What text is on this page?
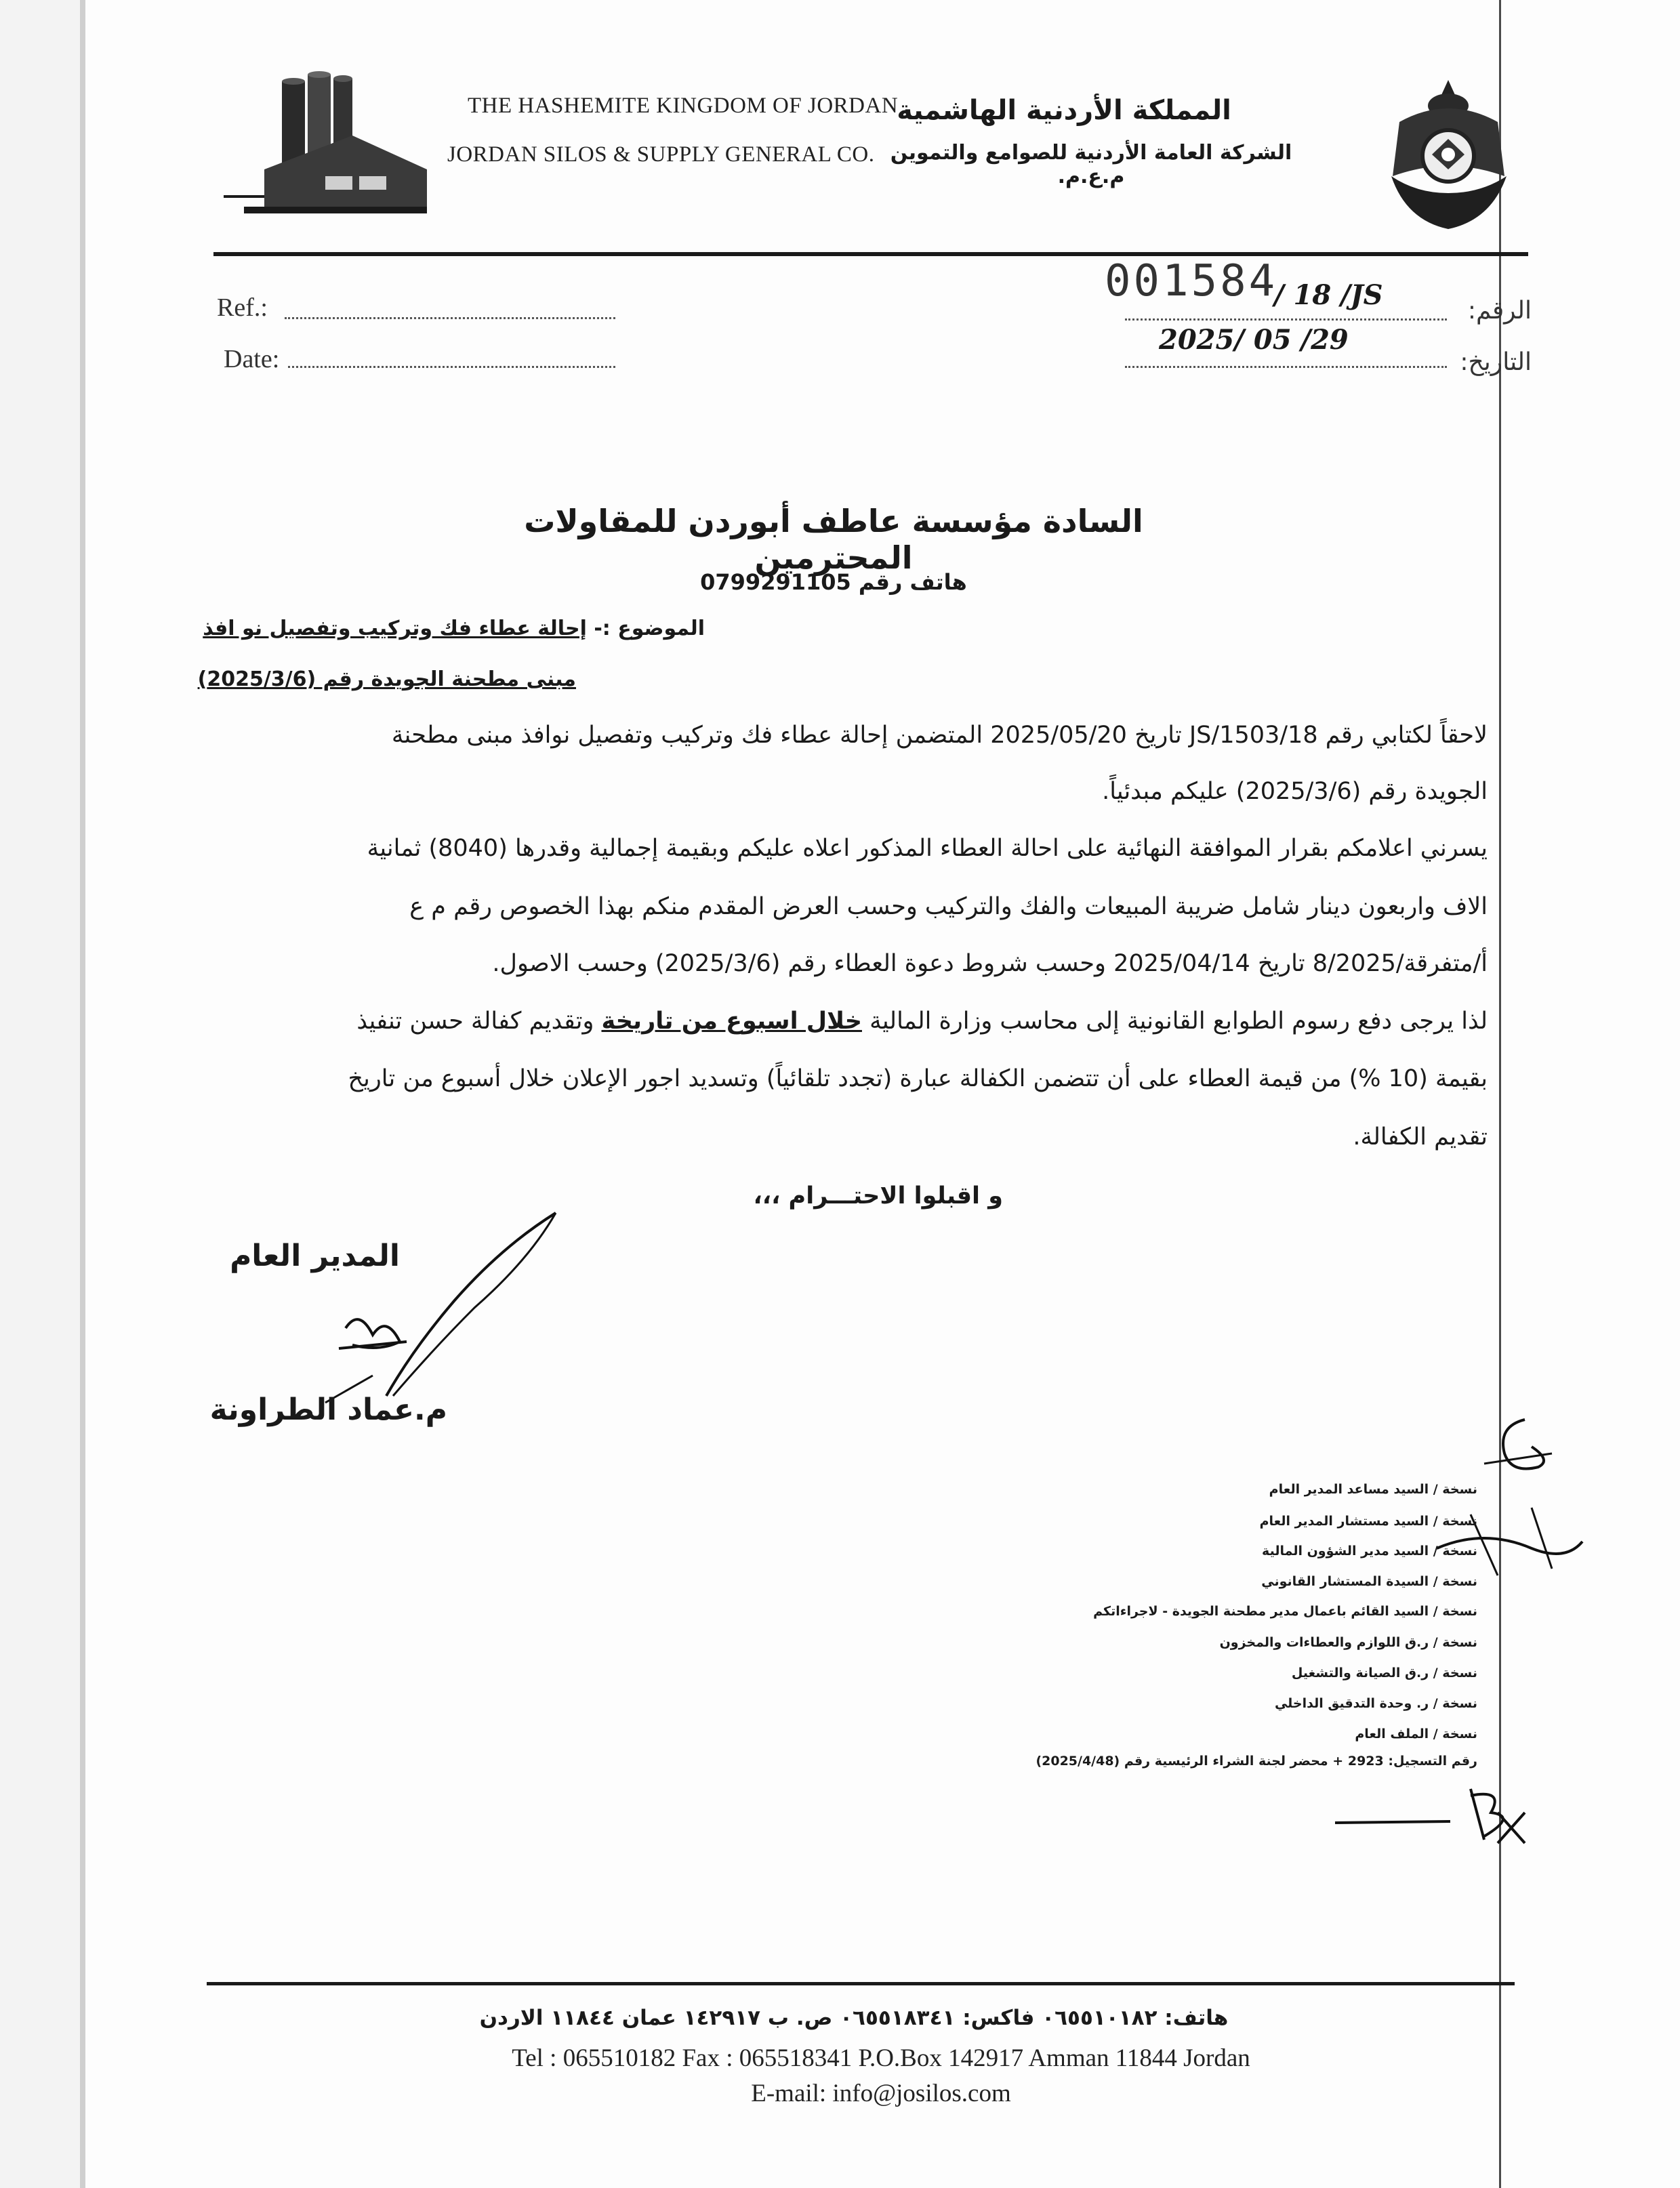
THE HASHEMITE KINGDOM OF JORDAN
JORDAN SILOS & SUPPLY GENERAL CO.
المملكة الأردنية الهاشمية
الشركة العامة الأردنية للصوامع والتموين م.ع.م.
Ref.:
Date:
001584
/ 18 /JS
2025/ 05 /29
الرقم:
التاريخ:
السادة مؤسسة عاطف أبوردن للمقاولات المحترمين
هاتف رقم 0799291105
الموضوع :- إحالة عطاء فك وتركيب وتفصيل نو افذ
مبنى مطحنة الجويدة رقم (2025/3/6)
لاحقاً لكتابي رقم 1503/18/JS تاريخ 2025/05/20 المتضمن إحالة عطاء فك وتركيب وتفصيل نوافذ مبنى مطحنة
الجويدة رقم (2025/3/6) عليكم مبدئياً.
يسرني اعلامكم بقرار الموافقة النهائية على احالة العطاء المذكور اعلاه عليكم وبقيمة إجمالية وقدرها (8040) ثمانية
الاف واربعون دينار شامل ضريبة المبيعات والفك والتركيب وحسب العرض المقدم منكم بهذا الخصوص رقم م ع
أ/متفرقة/8/2025 تاريخ 2025/04/14 وحسب شروط دعوة العطاء رقم (2025/3/6) وحسب الاصول.
لذا يرجى دفع رسوم الطوابع القانونية إلى محاسب وزارة المالية خلال اسبوع من تاريخة وتقديم كفالة حسن تنفيذ
بقيمة (10 %) من قيمة العطاء على أن تتضمن الكفالة عبارة (تجدد تلقائياً) وتسديد اجور الإعلان خلال أسبوع من تاريخ
تقديم الكفالة.
و اقبلوا الاحتـــرام ،،،
المدير العام
م.عماد الطراونة
نسخة / السيد مساعد المدير العام
نسخة / السيد مستشار المدير العام
نسخة / السيد مدير الشؤون المالية
نسخة / السيدة المستشار القانوني
نسخة / السيد القائم باعمال مدير مطحنة الجويدة - لاجراءاتكم
نسخة / ر.ق اللوازم والعطاءات والمخزون
نسخة / ر.ق الصيانة والتشغيل
نسخة / ر. وحدة التدقيق الداخلي
نسخة / الملف العام
رقم التسجيل: 2923 + محضر لجنة الشراء الرئيسية رقم (2025/4/48)
هاتف: ٠٦٥٥١٠١٨٢ فاكس: ٠٦٥٥١٨٣٤١ ص. ب ١٤٢٩١٧ عمان ١١٨٤٤ الاردن
Tel : 065510182 Fax : 065518341 P.O.Box 142917 Amman 11844 Jordan
E-mail: info@josilos.com
